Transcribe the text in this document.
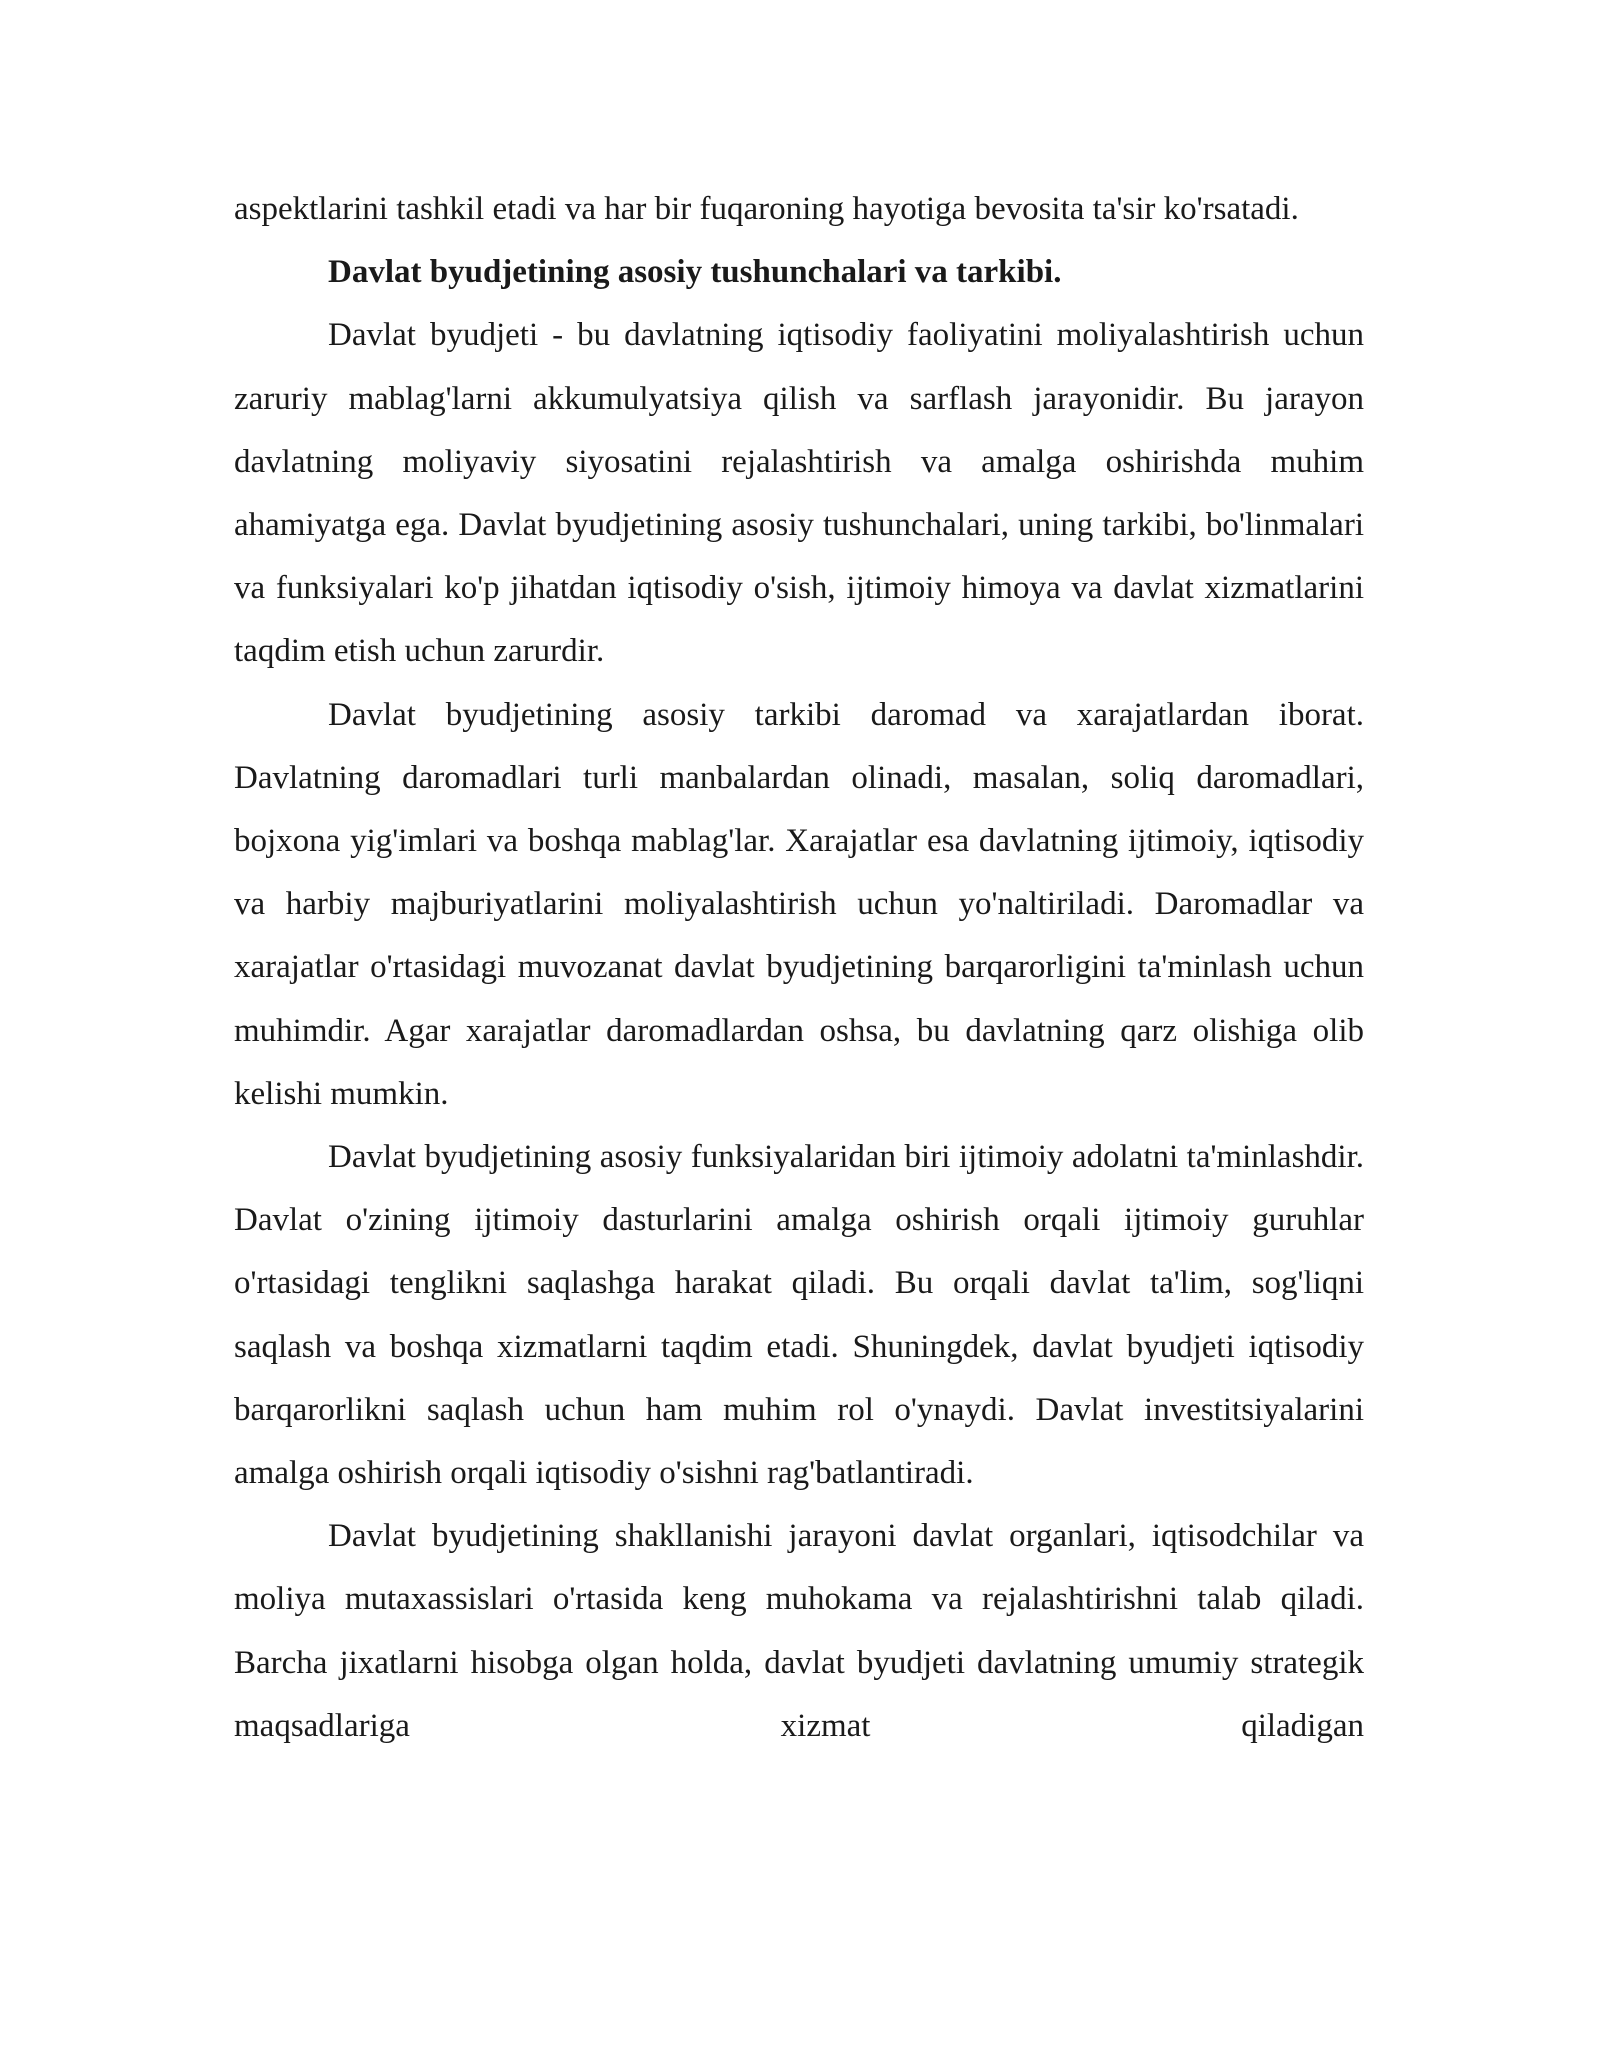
aspektlarini tashkil etadi va har bir fuqaroning hayotiga bevosita ta'sir ko'rsatadi.

Davlat byudjetining asosiy tushunchalari va tarkibi.

Davlat byudjeti - bu davlatning iqtisodiy faoliyatini moliyalashtirish uchun zaruriy mablag'larni akkumulyatsiya qilish va sarflash jarayonidir. Bu jarayon davlatning moliyaviy siyosatini rejalashtirish va amalga oshirishda muhim ahamiyatga ega. Davlat byudjetining asosiy tushunchalari, uning tarkibi, bo'linmalari va funksiyalari ko'p jihatdan iqtisodiy o'sish, ijtimoiy himoya va davlat xizmatlarini taqdim etish uchun zarurdir.

Davlat byudjetining asosiy tarkibi daromad va xarajatlardan iborat. Davlatning daromadlari turli manbalardan olinadi, masalan, soliq daromadlari, bojxona yig'imlari va boshqa mablag'lar. Xarajatlar esa davlatning ijtimoiy, iqtisodiy va harbiy majburiyatlarini moliyalashtirish uchun yo'naltiriladi. Daromadlar va xarajatlar o'rtasidagi muvozanat davlat byudjetining barqarorligini ta'minlash uchun muhimdir. Agar xarajatlar daromadlardan oshsa, bu davlatning qarz olishiga olib kelishi mumkin.

Davlat byudjetining asosiy funksiyalaridan biri ijtimoiy adolatni ta'minlashdir. Davlat o'zining ijtimoiy dasturlarini amalga oshirish orqali ijtimoiy guruhlar o'rtasidagi tenglikni saqlashga harakat qiladi. Bu orqali davlat ta'lim, sog'liqni saqlash va boshqa xizmatlarni taqdim etadi. Shuningdek, davlat byudjeti iqtisodiy barqarorlikni saqlash uchun ham muhim rol o'ynaydi. Davlat investitsiyalarini amalga oshirish orqali iqtisodiy o'sishni rag'batlantiradi.

Davlat byudjetining shakllanishi jarayoni davlat organlari, iqtisodchilar va moliya mutaxassislari o'rtasida keng muhokama va rejalashtirishni talab qiladi. Barcha jixatlarni hisobga olgan holda, davlat byudjeti davlatning umumiy strategik maqsadlariga xizmat qiladigan
